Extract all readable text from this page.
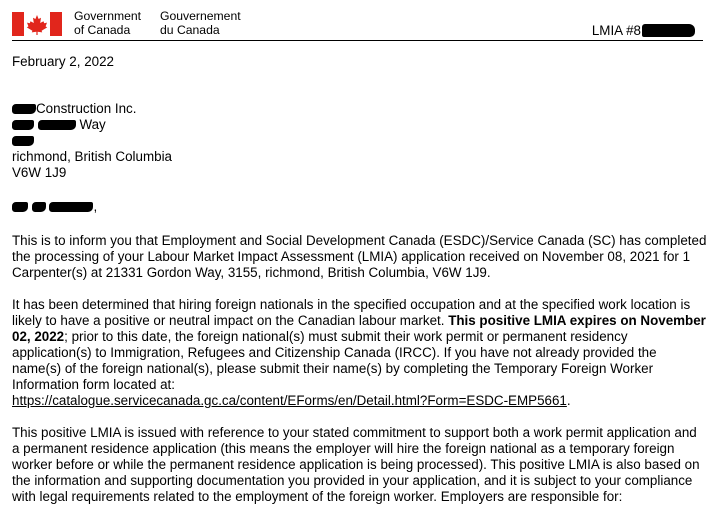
Government
of Canada
Gouvernement
du Canada	LMIA #8
February 2, 2022
Construction Inc.
Way
richmond, British Columbia
V6W 1J9
,

This is to inform you that Employment and Social Development Canada (ESDC)/Service Canada (SC) has completed the processing of your Labour Market Impact Assessment (LMIA) application received on November 08, 2021 for 1 Carpenter(s) at 21331 Gordon Way, 3155, richmond, British Columbia, V6W 1J9.

It has been determined that hiring foreign nationals in the specified occupation and at the specified work location is likely to have a positive or neutral impact on the Canadian labour market. This positive LMIA expires on November 02, 2022; prior to this date, the foreign national(s) must submit their work permit or permanent residency application(s) to Immigration, Refugees and Citizenship Canada (IRCC). If you have not already provided the name(s) of the foreign national(s), please submit their name(s) by completing the Temporary Foreign Worker Information form located at:
https://catalogue.servicecanada.gc.ca/content/EForms/en/Detail.html?Form=ESDC-EMP5661.

This positive LMIA is issued with reference to your stated commitment to support both a work permit application and a permanent residence application (this means the employer will hire the foreign national as a temporary foreign worker before or while the permanent residence application is being processed). This positive LMIA is also based on the information and supporting documentation you provided in your application, and it is subject to your compliance with legal requirements related to the employment of the foreign worker. Employers are responsible for:
